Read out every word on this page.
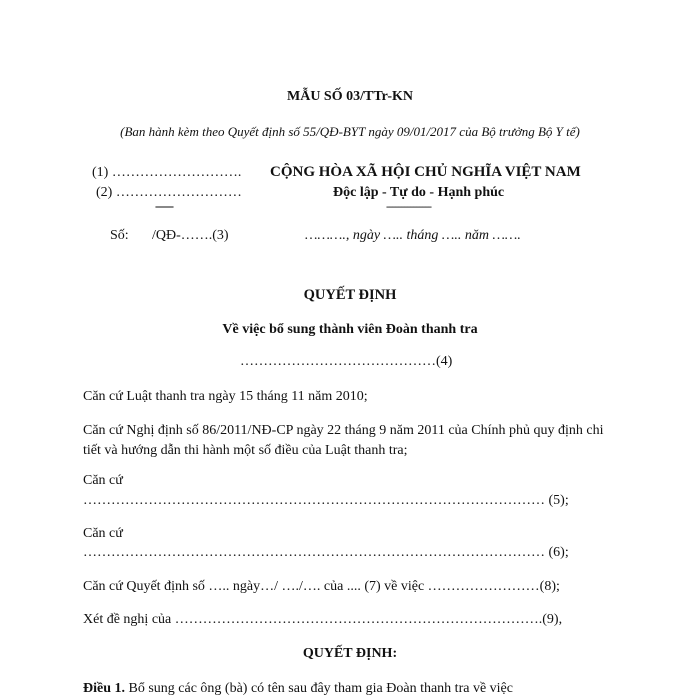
MẪU SỐ 03/TTr-KN
(Ban hành kèm theo Quyết định số 55/QĐ-BYT ngày 09/01/2017 của Bộ trưởng Bộ Y tế)
(1) ……………………….
(2) ………………………
------
CỘNG HÒA XÃ HỘI CHỦ NGHĨA VIỆT NAM
Độc lập - Tự do - Hạnh phúc
---------------
Số: /QĐ-…….(3)	………., ngày ….. tháng ….. năm …….
QUYẾT ĐỊNH
Về việc bổ sung thành viên Đoàn thanh tra
……………………………………(4)
Căn cứ Luật thanh tra ngày 15 tháng 11 năm 2010;
Căn cứ Nghị định số 86/2011/NĐ-CP ngày 22 tháng 9 năm 2011 của Chính phủ quy định chi tiết và hướng dẫn thi hành một số điều của Luật thanh tra;
Căn cứ
……………………………………………………………………………………… (5);
Căn cứ
……………………………………………………………………………………… (6);
Căn cứ Quyết định số ….. ngày…/ …./…. của .... (7) về việc ……………………(8);
Xét đề nghị của …………………………………………………………………….(9),
QUYẾT ĐỊNH:
Điều 1. Bổ sung các ông (bà) có tên sau đây tham gia Đoàn thanh tra về việc
